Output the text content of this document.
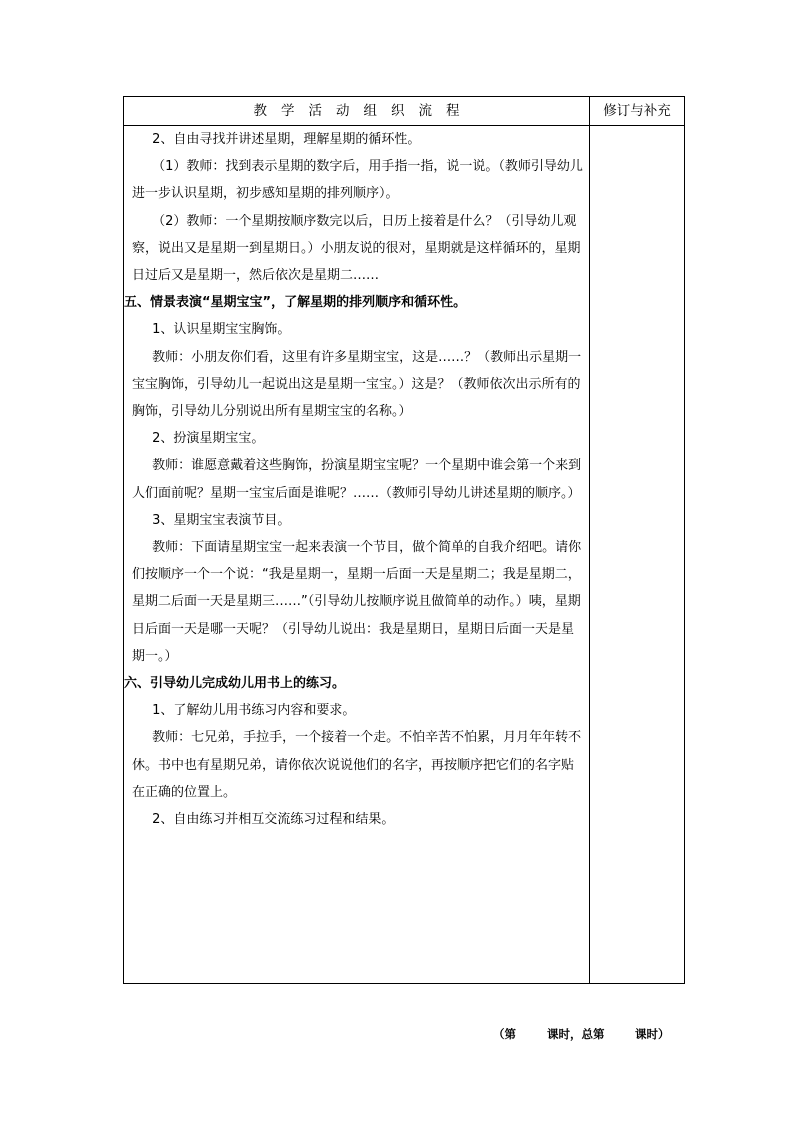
教学活动组织流程	修订与补充

2、自由寻找并讲述星期，理解星期的循环性。

（1）教师：找到表示星期的数字后，用手指一指，说一说。（教师引导幼儿进一步认识星期，初步感知星期的排列顺序）。

（2）教师：一个星期按顺序数完以后，日历上接着是什么？（引导幼儿观察，说出又是星期一到星期日。）小朋友说的很对，星期就是这样循环的，星期日过后又是星期一，然后依次是星期二……

五、情景表演“星期宝宝”，了解星期的排列顺序和循环性。

1、认识星期宝宝胸饰。

教师：小朋友你们看，这里有许多星期宝宝，这是……？（教师出示星期一宝宝胸饰，引导幼儿一起说出这是星期一宝宝。）这是？（教师依次出示所有的胸饰，引导幼儿分别说出所有星期宝宝的名称。）

2、扮演星期宝宝。

教师：谁愿意戴着这些胸饰，扮演星期宝宝呢？一个星期中谁会第一个来到人们面前呢？星期一宝宝后面是谁呢？……（教师引导幼儿讲述星期的顺序。）

3、星期宝宝表演节目。

教师：下面请星期宝宝一起来表演一个节目，做个简单的自我介绍吧。请你们按顺序一个一个说：“我是星期一，星期一后面一天是星期二；我是星期二，星期二后面一天是星期三……”（引导幼儿按顺序说且做简单的动作。）咦，星期日后面一天是哪一天呢？（引导幼儿说出：我是星期日，星期日后面一天是星期一。）

六、引导幼儿完成幼儿用书上的练习。

1、了解幼儿用书练习内容和要求。

教师：七兄弟，手拉手，一个接着一个走。不怕辛苦不怕累，月月年年转不休。书中也有星期兄弟，请你依次说说他们的名字，再按顺序把它们的名字贴在正确的位置上。

2、自由练习并相互交流练习过程和结果。

（第	课时，总第	课时）
